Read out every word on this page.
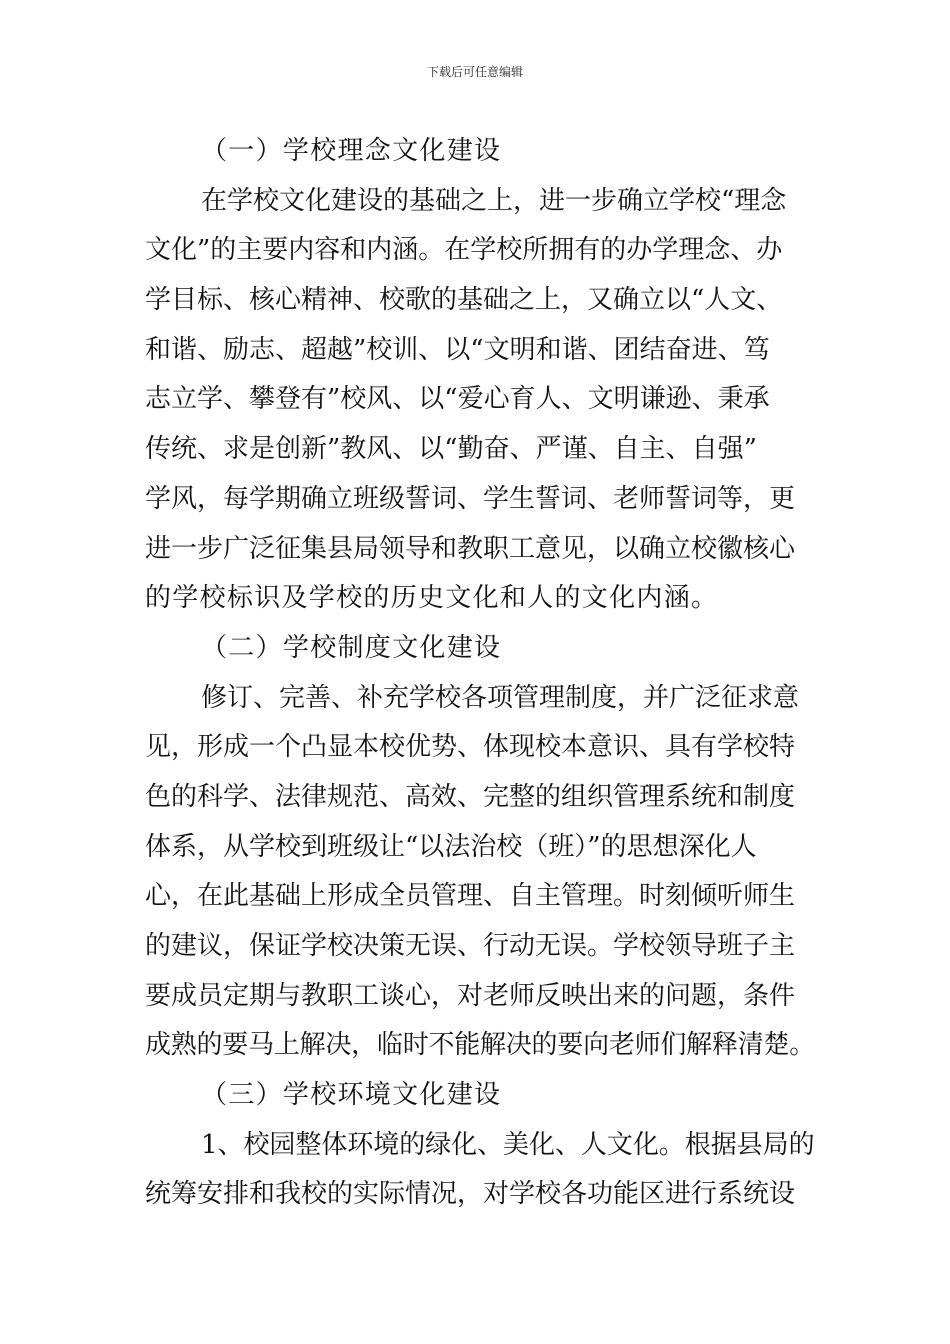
下载后可任意编辑
（一）学校理念文化建设
在学校文化建设的基础之上，进一步确立学校“理念
文化”的主要内容和内涵。在学校所拥有的办学理念、办
学目标、核心精神、校歌的基础之上，又确立以“人文、
和谐、励志、超越”校训、以“文明和谐、团结奋进、笃
志立学、攀登有”校风、以“爱心育人、文明谦逊、秉承
传统、求是创新”教风、以“勤奋、严谨、自主、自强”
学风，每学期确立班级誓词、学生誓词、老师誓词等，更
进一步广泛征集县局领导和教职工意见，以确立校徽核心
的学校标识及学校的历史文化和人的文化内涵。
（二）学校制度文化建设
修订、完善、补充学校各项管理制度，并广泛征求意
见，形成一个凸显本校优势、体现校本意识、具有学校特
色的科学、法律规范、高效、完整的组织管理系统和制度
体系，从学校到班级让“以法治校（班）”的思想深化人
心，在此基础上形成全员管理、自主管理。时刻倾听师生
的建议，保证学校决策无误、行动无误。学校领导班子主
要成员定期与教职工谈心，对老师反映出来的问题，条件
成熟的要马上解决，临时不能解决的要向老师们解释清楚。
（三）学校环境文化建设
1、校园整体环境的绿化、美化、人文化。根据县局的
统筹安排和我校的实际情况，对学校各功能区进行系统设
